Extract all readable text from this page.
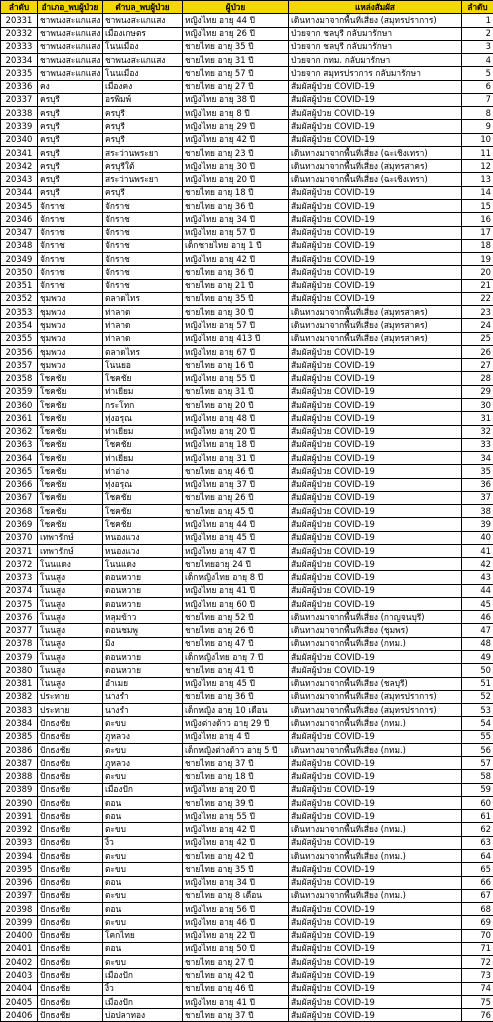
ลำดับ	อำเภอ_พบผู้ป่วย	ตำบล_พบผู้ป่วย	ผู้ป่วย	แหล่งสัมผัส	ลำดับ
20331	ชาพนงสะแกแสง	ชาพนงสะแกแสง	หญิงไทย อายุ 44 ปี	เดินทางมาจากพื้นที่เสี่ยง (สมุทรปราการ)	1
20332	ชาพนงสะแกแสง	เมืองเกษตร	หญิงไทย อายุ 26 ปี	ป่วยจาก ชลบุรี กลับมารักษา	2
20333	ชาพนงสะแกแสง	โนนเมือง	ชายไทย อายุ 35 ปี	ป่วยจาก ชลบุรี กลับมารักษา	3
20334	ชาพนงสะแกแสง	ชาพนงสะแกแสง	ชายไทย อายุ 31 ปี	ป่วยจาก กทม. กลับมารักษา	4
20335	ชาพนงสะแกแสง	โนนเมือง	ชายไทย อายุ 57 ปี	ป่วยจาก สมุทรปราการ กลับมารักษา	5
20336	คง	เมืองคง	ชายไทย อายุ 27 ปี	สัมผัสผู้ป่วย COVID-19	6
20337	ครบุรี	อรพิมพ์	หญิงไทย อายุ 38 ปี	สัมผัสผู้ป่วย COVID-19	7
20338	ครบุรี	ครบุรี	หญิงไทย อายุ 8 ปี	สัมผัสผู้ป่วย COVID-19	8
20339	ครบุรี	ครบุรี	หญิงไทย อายุ 29 ปี	สัมผัสผู้ป่วย COVID-19	9
20340	ครบุรี	ครบุรี	หญิงไทย อายุ 42 ปี	สัมผัสผู้ป่วย COVID-19	10
20341	ครบุรี	สระว่านพระยา	ชายไทย อายุ 23 ปี	เดินทางมาจากพื้นที่เสี่ยง (ฉะเชิงเทรา)	11
20342	ครบุรี	ครบุรีใต้	หญิงไทย อายุ 30 ปี	เดินทางมาจากพื้นที่เสี่ยง (สมุทรสาคร)	12
20343	ครบุรี	สระว่านพระยา	หญิงไทย อายุ 20 ปี	เดินทางมาจากพื้นที่เสี่ยง (ฉะเชิงเทรา)	13
20344	ครบุรี	ครบุรี	ชายไทย อายุ 18 ปี	สัมผัสผู้ป่วย COVID-19	14
20345	จักราช	จักราช	ชายไทย อายุ 36 ปี	สัมผัสผู้ป่วย COVID-19	15
20346	จักราช	จักราช	หญิงไทย อายุ 34 ปี	สัมผัสผู้ป่วย COVID-19	16
20347	จักราช	จักราช	หญิงไทย อายุ 57 ปี	สัมผัสผู้ป่วย COVID-19	17
20348	จักราช	จักราช	เด็กชายไทย อายุ 1 ปี	สัมผัสผู้ป่วย COVID-19	18
20349	จักราช	จักราช	หญิงไทย อายุ 42 ปี	สัมผัสผู้ป่วย COVID-19	19
20350	จักราช	จักราช	ชายไทย อายุ 36 ปี	สัมผัสผู้ป่วย COVID-19	20
20351	จักราช	จักราช	ชายไทย อายุ 21 ปี	สัมผัสผู้ป่วย COVID-19	21
20352	ชุมพวง	ตลาดไทร	ชายไทย อายุ 35 ปี	สัมผัสผู้ป่วย COVID-19	22
20353	ชุมพวง	ท่าลาด	ชายไทย อายุ 30 ปี	เดินทางมาจากพื้นที่เสี่ยง (สมุทรสาคร)	23
20354	ชุมพวง	ท่าลาด	หญิงไทย อายุ 57 ปี	เดินทางมาจากพื้นที่เสี่ยง (สมุทรสาคร)	24
20355	ชุมพวง	ท่าลาด	หญิงไทย อายุ 413 ปี	เดินทางมาจากพื้นที่เสี่ยง (สมุทรสาคร)	25
20356	ชุมพวง	ตลาดไทร	หญิงไทย อายุ 67 ปี	สัมผัสผู้ป่วย COVID-19	26
20357	ชุมพวง	โนนยอ	ชายไทย อายุ 16 ปี	สัมผัสผู้ป่วย COVID-19	27
20358	โชคชัย	โชคชัย	หญิงไทย อายุ 55 ปี	สัมผัสผู้ป่วย COVID-19	28
20359	โชคชัย	ท่าเยี่ยม	ชายไทย อายุ 31 ปี	สัมผัสผู้ป่วย COVID-19	29
20360	โชคชัย	กระโทก	ชายไทย อายุ 20 ปี	สัมผัสผู้ป่วย COVID-19	30
20361	โชคชัย	ทุ่งอรุณ	หญิงไทย อายุ 48 ปี	สัมผัสผู้ป่วย COVID-19	31
20362	โชคชัย	ท่าเยี่ยม	หญิงไทย อายุ 20 ปี	สัมผัสผู้ป่วย COVID-19	32
20363	โชคชัย	โชคชัย	หญิงไทย อายุ 18 ปี	สัมผัสผู้ป่วย COVID-19	33
20364	โชคชัย	ท่าเยี่ยม	หญิงไทย อายุ 31 ปี	สัมผัสผู้ป่วย COVID-19	34
20365	โชคชัย	ท่าอ่าง	ชายไทย อายุ 46 ปี	สัมผัสผู้ป่วย COVID-19	35
20366	โชคชัย	ทุ่งอรุณ	หญิงไทย อายุ 37 ปี	สัมผัสผู้ป่วย COVID-19	36
20367	โชคชัย	โชคชัย	ชายไทย อายุ 26 ปี	สัมผัสผู้ป่วย COVID-19	37
20368	โชคชัย	โชคชัย	ชายไทย อายุ 45 ปี	สัมผัสผู้ป่วย COVID-19	38
20369	โชคชัย	โชคชัย	หญิงไทย อายุ 44 ปี	สัมผัสผู้ป่วย COVID-19	39
20370	เทพารักษ์	หนองแวง	หญิงไทย อายุ 45 ปี	สัมผัสผู้ป่วย COVID-19	40
20371	เทพารักษ์	หนองแวง	หญิงไทย อายุ 47 ปี	สัมผัสผู้ป่วย COVID-19	41
20372	โนนแดง	โนนแดง	ชายไทยอายุ 24 ปี	สัมผัสผู้ป่วย COVID-19	42
20373	โนนสูง	ดอนหวาย	เด็กหญิงไทย อายุ 8 ปี	สัมผัสผู้ป่วย COVID-19	43
20374	โนนสูง	ดอนหวาย	หญิงไทย อายุ 41 ปี	สัมผัสผู้ป่วย COVID-19	44
20375	โนนสูง	ดอนหวาย	หญิงไทย อายุ 60 ปี	สัมผัสผู้ป่วย COVID-19	45
20376	โนนสูง	หลุมข้าว	ชายไทย อายุ 52 ปี	เดินทางมาจากพื้นที่เสี่ยง (กาญจนบุรี)	46
20377	โนนสูง	ดอนชมพู	ชายไทย อายุ 26 ปี	เดินทางมาจากพื้นที่เสี่ยง (ชุมพร)	47
20378	โนนสูง	มิ่ง	ชายไทย อายุ 47 ปี	เดินทางมาจากพื้นที่เสี่ยง (กทม.)	48
20379	โนนสูง	ดอนหวาย	เด็กหญิงไทย อายุ 7 ปี	สัมผัสผู้ป่วย COVID-19	49
20380	โนนสูง	ดอนหวาย	ชายไทย อายุ 41 ปี	สัมผัสผู้ป่วย COVID-19	50
20381	โนนสูง	อำเมย	หญิงไทย อายุ 45 ปี	เดินทางมาจากพื้นที่เสี่ยง (ชลบุรี)	51
20382	ประทาย	นางรำ	ชายไทย อายุ 36 ปี	เดินทางมาจากพื้นที่เสี่ยง (สมุทรปราการ)	52
20383	ประทาย	นางรำ	เด็กหญิง อายุ 10 เดือน	เดินทางมาจากพื้นที่เสี่ยง (สมุทรปราการ)	53
20384	ปักธงชัย	ตะขบ	หญิงต่างด้าว อายุ 29 ปี	เดินทางมาจากพื้นที่เสี่ยง (กทม.)	54
20385	ปักธงชัย	ภูหลวง	หญิงไทย อายุ 4 ปี	สัมผัสผู้ป่วย COVID-19	55
20386	ปักธงชัย	ตะขบ	เด็กหญิงต่างด้าว อายุ 5 ปี	เดินทางมาจากพื้นที่เสี่ยง (กทม.)	56
20387	ปักธงชัย	ภูหลวง	ชายไทย อายุ 37 ปี	สัมผัสผู้ป่วย COVID-19	57
20388	ปักธงชัย	ตะขบ	ชายไทย อายุ 18 ปี	สัมผัสผู้ป่วย COVID-19	58
20389	ปักธงชัย	เมืองปัก	หญิงไทย อายุ 20 ปี	สัมผัสผู้ป่วย COVID-19	59
20390	ปักธงชัย	ดอน	ชายไทย อายุ 39 ปี	สัมผัสผู้ป่วย COVID-19	60
20391	ปักธงชัย	ดอน	หญิงไทย อายุ 55 ปี	สัมผัสผู้ป่วย COVID-19	61
20392	ปักธงชัย	ตะขบ	หญิงไทย อายุ 42 ปี	เดินทางมาจากพื้นที่เสี่ยง (กทม.)	62
20393	ปักธงชัย	งิ้ว	หญิงไทย อายุ 42 ปี	สัมผัสผู้ป่วย COVID-19	63
20394	ปักธงชัย	ตะขบ	ชายไทย อายุ 42 ปี	เดินทางมาจากพื้นที่เสี่ยง (กทม.)	64
20395	ปักธงชัย	ตะขบ	ชายไทย อายุ 35 ปี	สัมผัสผู้ป่วย COVID-19	65
20396	ปักธงชัย	ดอน	หญิงไทย อายุ 34 ปี	สัมผัสผู้ป่วย COVID-19	66
20397	ปักธงชัย	ตะขบ	ชายไทย อายุ 8 เดือน	เดินทางมาจากพื้นที่เสี่ยง (กทม.)	67
20398	ปักธงชัย	ดอน	หญิงไทย อายุ 56 ปี	สัมผัสผู้ป่วย COVID-19	68
20399	ปักธงชัย	ตะขบ	หญิงไทย อายุ 46 ปี	สัมผัสผู้ป่วย COVID-19	69
20400	ปักธงชัย	โคกไทย	หญิงไทย อายุ 22 ปี	สัมผัสผู้ป่วย COVID-19	70
20401	ปักธงชัย	ดอน	หญิงไทย อายุ 50 ปี	สัมผัสผู้ป่วย COVID-19	71
20402	ปักธงชัย	ตะขบ	ชายไทย อายุ 27 ปี	สัมผัสผู้ป่วย COVID-19	72
20403	ปักธงชัย	เมืองปัก	ชายไทย อายุ 42 ปี	สัมผัสผู้ป่วย COVID-19	73
20404	ปักธงชัย	งิ้ว	ชายไทย อายุ 46 ปี	สัมผัสผู้ป่วย COVID-19	74
20405	ปักธงชัย	เมืองปัก	หญิงไทย อายุ 41 ปี	สัมผัสผู้ป่วย COVID-19	75
20406	ปักธงชัย	บ่อปลาทอง	ชายไทย อายุ 37 ปี	สัมผัสผู้ป่วย COVID-19	76
